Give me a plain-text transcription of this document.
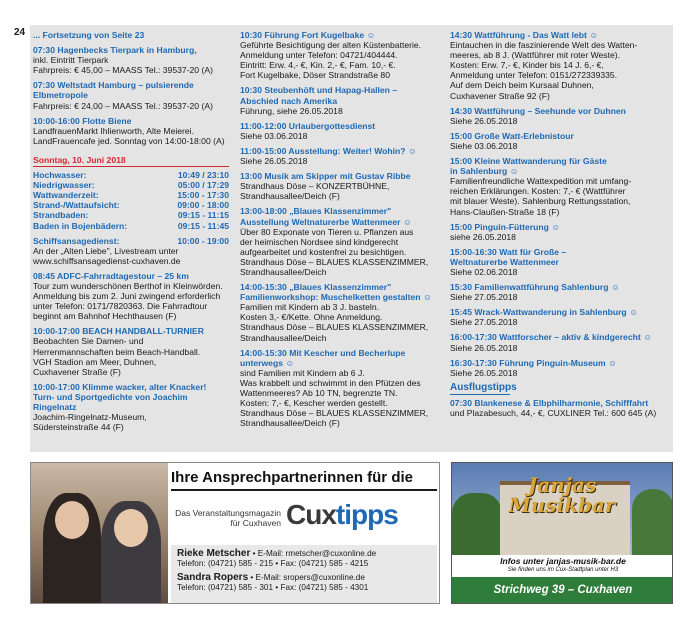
24 ... Fortsetzung von Seite 23
07:30 Hagenbecks Tierpark in Hamburg,
inkl. Eintritt Tierpark
Fahrpreis: € 45,00 – MAASS Tel.: 39537-20 (A)
07:30 Weltstadt Hamburg – pulsierende Elbmetropole
Fahrpreis: € 24,00 – MAASS Tel.: 39537-20 (A)
10:00-16:00 Flotte Biene
LandfrauenMarkt Ihlienworth, Alte Meierei.
LandFrauencafe jed. Sonntag von 14:00-18:00 (A)
Sonntag, 10. Juni 2018
Hochwasser:	10:49 / 23:10
Niedrigwasser:	05:00 / 17:29
Wattwanderzeit:	15:00 - 17:30
Strand-/Wattaufsicht:	09:00 - 18:00
Strandbaden:	09:15 - 11:15
Baden in Bojenbädern:	09:15 - 11:45
Schiffsansagedienst:	10:00 - 19:00
An der „Alten Liebe", Livestream unter
www.schiffsansagedienst-cuxhaven.de
08:45 ADFC-Fahrradtagestour – 25 km
Tour zum wunderschönen Berthof in Kleinwörden.
Anmeldung bis zum 2. Juni zwingend erforderlich
unter Telefon: 0171/7820363. Die Fahrradtour
beginnt am Bahnhof Hechthausen (F)
10:00-17:00 BEACH HANDBALL-TURNIER
Beobachten Sie Damen- und
Herrenmannschaften beim Beach-Handball.
VGH Stadion am Meer, Duhnen,
Cuxhavener Straße (F)
10:00-17:00 Klimme wacker, alter Knacker!
Turn- und Sportgedichte von Joachim Ringelnatz
Joachim-Ringelnatz-Museum,
Südersteinstraße 44 (F)
10:30 Führung Fort Kugelbake ☺
Geführte Besichtigung der alten Küstenbatterie.
Anmeldung unter Telefon: 04721/404444.
Eintritt: Erw. 4,- €, Kin. 2,- €, Fam. 10,- €.
Fort Kugelbake, Döser Strandstraße 80
10:30 Steubenhöft und Hapag-Hallen –
Abschied nach Amerika
Führung, siehe 26.05.2018
11:00-12:00 Urlaubergottesdienst
Siehe 03.06.2018
11:00-15:00 Ausstellung: Weiter! Wohin? ☺
Siehe 26.05.2018
13:00 Musik am Skipper mit Gustav Ribbe
Strandhaus Döse – KONZERTBÜHNE,
Strandhausallee/Deich (F)
13:00-18:00 „Blaues Klassenzimmer"
Ausstellung Weltnaturerbe Wattenmeer ☺
Über 80 Exponate von Tieren u. Pflanzen aus
der heimischen Nordsee sind kindgerecht
aufgearbeitet und kostenfrei zu besichtigen.
Strandhaus Döse – BLAUES KLASSENZIMMER,
Strandhausallee/Deich
14:00-15:30 „Blaues Klassenzimmer"
Familienworkshop: Muschelketten gestalten ☺
Familien mit Kindern ab 3 J. basteln.
Kosten 3,- €/Kette. Ohne Anmeldung.
Strandhaus Döse – BLAUES KLASSENZIMMER,
Strandhausallee/Deich
14:00-15:30 Mit Kescher und Becherlupe
unterwegs ☺
sind Familien mit Kindern ab 6 J.
Was krabbelt und schwimmt in den Pfützen des
Wattenmeeres? Ab 10 TN, begrenzte TN.
Kosten: 7,- €, Kescher werden gestellt.
Strandhaus Döse – BLAUES KLASSENZIMMER,
Strandhausallee/Deich (F)
14:30 Wattführung - Das Watt lebt ☺
Eintauchen in die faszinierende Welt des Watten-
meeres, ab 8 J. (Wattführer mit roter Weste).
Kosten: Erw. 7,- €, Kinder bis 14 J. 6,- €,
Anmeldung unter Telefon: 0151/272339335.
Auf dem Deich beim Kursaal Duhnen,
Cuxhavener Straße 92 (F)
14:30 Wattführung – Seehunde vor Duhnen
Siehe 26.05.2018
15:00 Große Watt-Erlebnistour
Siehe 03.06.2018
15:00 Kleine Wattwanderung für Gäste
in Sahlenburg ☺
Familienfreundliche Wattexpedition mit umfang-
reichen Erklärungen. Kosten: 7,- € (Wattführer
mit blauer Weste). Sahlenburg Rettungsstation,
Hans-Claußen-Straße 18 (F)
15:00 Pinguin-Fütterung ☺
siehe 26.05.2018
15:00-16:30 Watt für Große –
Weltnaturerbe Wattenmeer
Siehe 02.06.2018
15:30 Familienwattführung Sahlenburg ☺
Siehe 27.05.2018
15:45 Wrack-Wattwanderung in Sahlenburg ☺
Siehe 27.05.2018
16:00-17:30 Wattforscher – aktiv & kindgerecht ☺
Siehe 26.05.2018
16:30-17:30 Führung Pinguin-Museum ☺
Siehe 26.05.2018
Ausflugstipps
07:30 Blankenese & Elbphilharmonie, Schifffahrt
und Plazabesuch, 44,- €, CUXLINER Tel.: 600 645 (A)
Ihre Ansprechpartnerinnen für die
Das Veranstaltungsmagazin
für Cuxhaven Cuxtipps
Rieke Metscher • E-Mail: rmetscher@cuxonline.de
Telefon: (04721) 585 - 215 • Fax: (04721) 585 - 4215
Sandra Ropers • E-Mail: sropers@cuxonline.de
Telefon: (04721) 585 - 301 • Fax: (04721) 585 - 4301
Janjas
Musikbar
Infos unter janjas-musik-bar.de
Sie finden uns im Cux-Stadtplan unter H3
Strichweg 39 – Cuxhaven
